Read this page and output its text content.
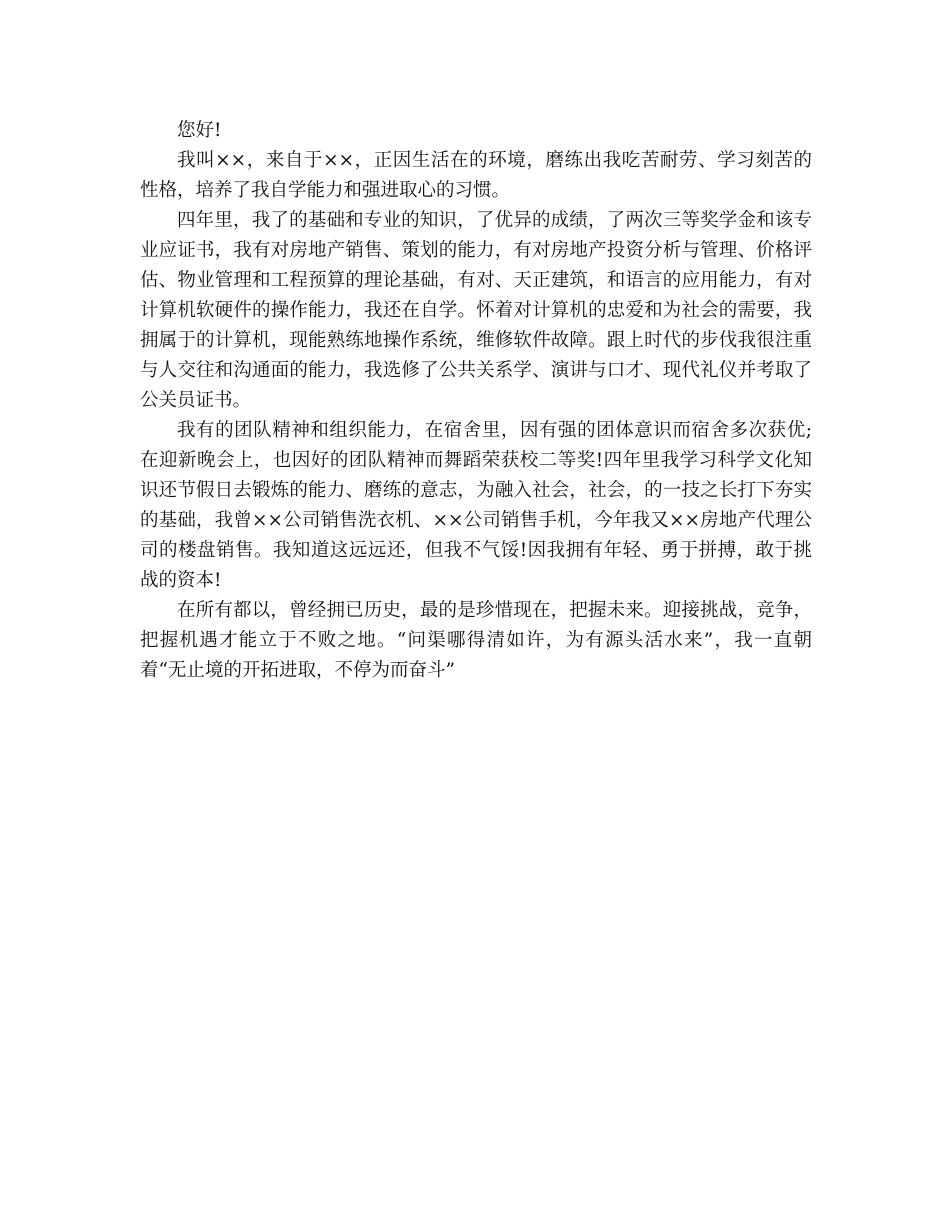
您好!

我叫××，来自于××，正因生活在的环境，磨练出我吃苦耐劳、学习刻苦的性格，培养了我自学能力和强进取心的习惯。

四年里，我了的基础和专业的知识，了优异的成绩，了两次三等奖学金和该专业应证书，我有对房地产销售、策划的能力，有对房地产投资分析与管理、价格评估、物业管理和工程预算的理论基础，有对、天正建筑，和语言的应用能力，有对计算机软硬件的操作能力，我还在自学。怀着对计算机的忠爱和为社会的需要，我拥属于的计算机，现能熟练地操作系统，维修软件故障。跟上时代的步伐我很注重与人交往和沟通面的能力，我选修了公共关系学、演讲与口才、现代礼仪并考取了公关员证书。

我有的团队精神和组织能力，在宿舍里，因有强的团体意识而宿舍多次获优;在迎新晚会上，也因好的团队精神而舞蹈荣获校二等奖!四年里我学习科学文化知识还节假日去锻炼的能力、磨练的意志，为融入社会，社会，的一技之长打下夯实的基础，我曾××公司销售洗衣机、××公司销售手机，今年我又××房地产代理公司的楼盘销售。我知道这远远还，但我不气馁!因我拥有年轻、勇于拼搏，敢于挑战的资本!

在所有都以，曾经拥已历史，最的是珍惜现在，把握未来。迎接挑战，竞争，把握机遇才能立于不败之地。“问渠哪得清如许，为有源头活水来”，我一直朝着“无止境的开拓进取，不停为而奋斗”
